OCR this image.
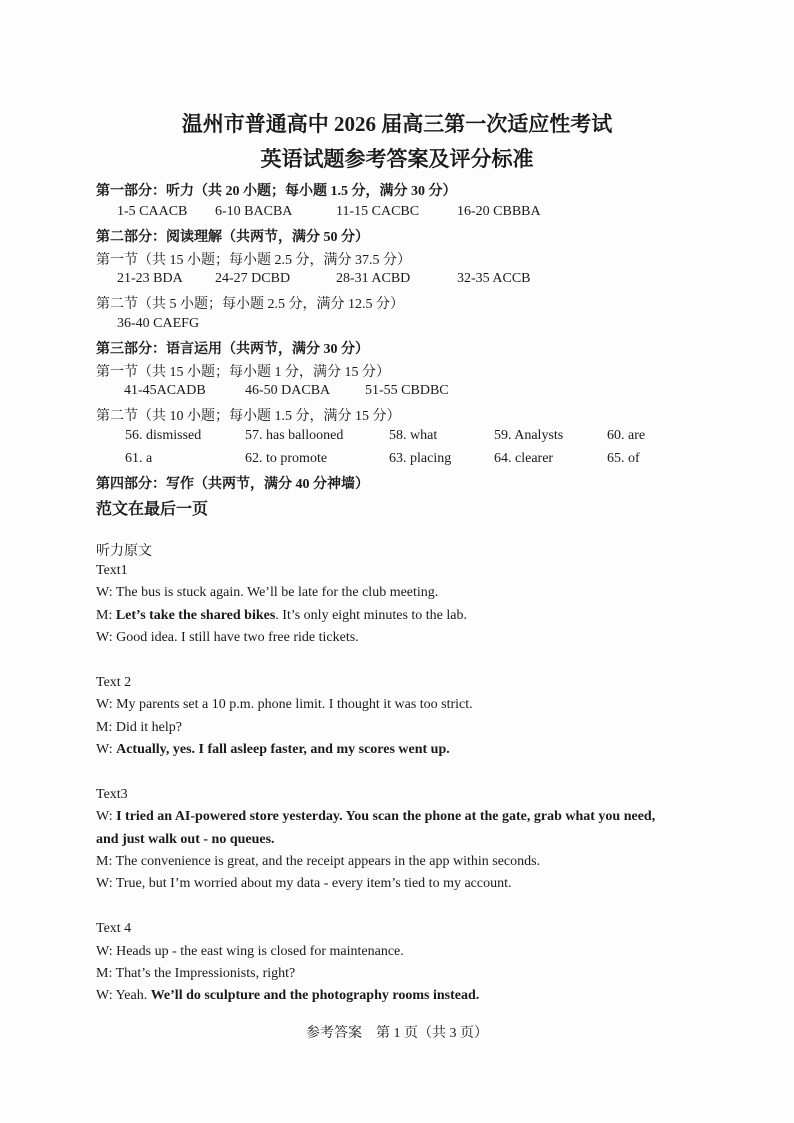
温州市普通高中 2026 届高三第一次适应性考试
英语试题参考答案及评分标准
第一部分：听力（共 20 小题；每小题 1.5 分，满分 30 分）
1-5 CAACB 6-10 BACBA	11-15 CACBC	16-20 CBBBA
第二部分：阅读理解（共两节，满分 50 分）
第一节（共 15 小题；每小题 2.5 分，满分 37.5 分）
21-23 BDA 24-27 DCBD	28-31 ACBD	32-35 ACCB
第二节（共 5 小题；每小题 2.5 分，满分 12.5 分）
36-40 CAEFG
第三部分：语言运用（共两节，满分 30 分）
第一节（共 15 小题；每小题 1 分，满分 15 分）
41-45ACADB	46-50 DACBA 51-55 CBDBC
第二节（共 10 小题；每小题 1.5 分，满分 15 分）
56. dismissed	57. has ballooned	58. what	59. Analysts	60. are
61. a	62. to promote	63. placing	64. clearer	65. of
第四部分：写作（共两节，满分 40 分神墙）
范文在最后一页
听力原文
Text1
W: The bus is stuck again. We’ll be late for the club meeting.
M: Let’s take the shared bikes. It’s only eight minutes to the lab.
W: Good idea. I still have two free ride tickets.
Text 2
W: My parents set a 10 p.m. phone limit. I thought it was too strict.
M: Did it help?
W: Actually, yes. I fall asleep faster, and my scores went up.
Text3
W: I tried an AI-powered store yesterday. You scan the phone at the gate, grab what you need,
and just walk out - no queues.
M: The convenience is great, and the receipt appears in the app within seconds.
W: True, but I’m worried about my data - every item’s tied to my account.
Text 4
W: Heads up - the east wing is closed for maintenance.
M: That’s the Impressionists, right?
W: Yeah. We’ll do sculpture and the photography rooms instead.
参考答案　第 1 页（共 3 页）
